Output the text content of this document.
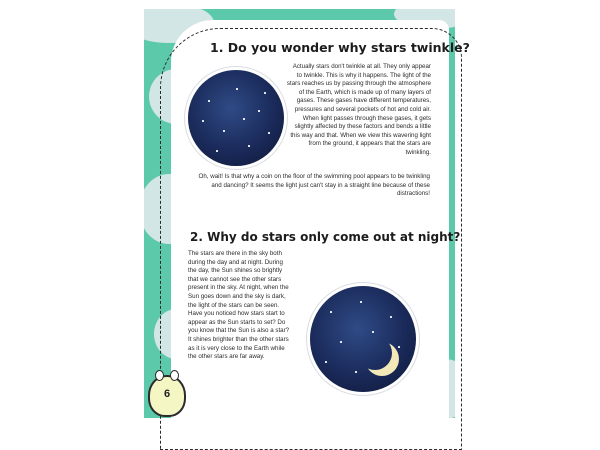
1. Do you wonder why stars twinkle?

Actually stars don't twinkle at all. They only appear to twinkle. This is why it happens. The light of the stars reaches us by passing through the atmosphere of the Earth, which is made up of many layers of gases. These gases have different temperatures, pressures and several pockets of hot and cold air. When light passes through these gases, it gets slightly affected by these factors and bends a little this way and that. When we view this wavering light from the ground, it appears that the stars are twinkling.

Oh, wait! Is that why a coin on the floor of the swimming pool appears to be twinkling and dancing? It seems the light just can't stay in a straight line because of these distractions!

2. Why do stars only come out at night?

The stars are there in the sky both during the day and at night. During the day, the Sun shines so brightly that we cannot see the other stars present in the sky. At night, when the Sun goes down and the sky is dark, the light of the stars can be seen. Have you noticed how stars start to appear as the Sun starts to set? Do you know that the Sun is also a star? It shines brighter than the other stars as it is very close to the Earth while the other stars are far away.

6
